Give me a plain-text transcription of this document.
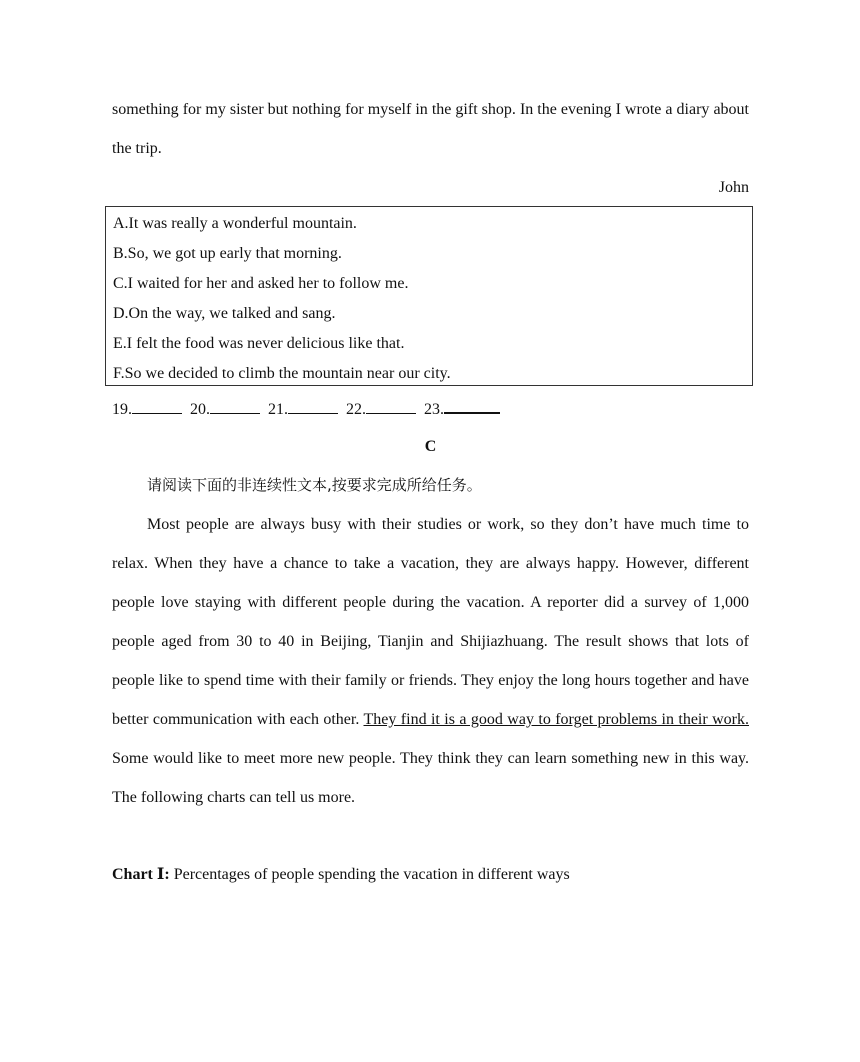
something for my sister but nothing for myself in the gift shop. In the evening I wrote a diary about the trip.

John
A.It was really a wonderful mountain.
B.So, we got up early that morning.
C.I waited for her and asked her to follow me.
D.On the way, we talked and sang.
E.I felt the food was never delicious like that.
F.So we decided to climb the mountain near our city.
19.	20.	21.	22.	23.
C
请阅读下面的非连续性文本,按要求完成所给任务。

Most people are always busy with their studies or work, so they don’t have much time to relax. When they have a chance to take a vacation, they are always happy. However, different people love staying with different people during the vacation. A reporter did a survey of 1,000 people aged from 30 to 40 in Beijing, Tianjin and Shijiazhuang. The result shows that lots of people like to spend time with their family or friends. They enjoy the long hours together and have better communication with each other. They find it is a good way to forget problems in their work. Some would like to meet more new people. They think they can learn something new in this way. The following charts can tell us more.

Chart Ⅰ: Percentages of people spending the vacation in different ways
